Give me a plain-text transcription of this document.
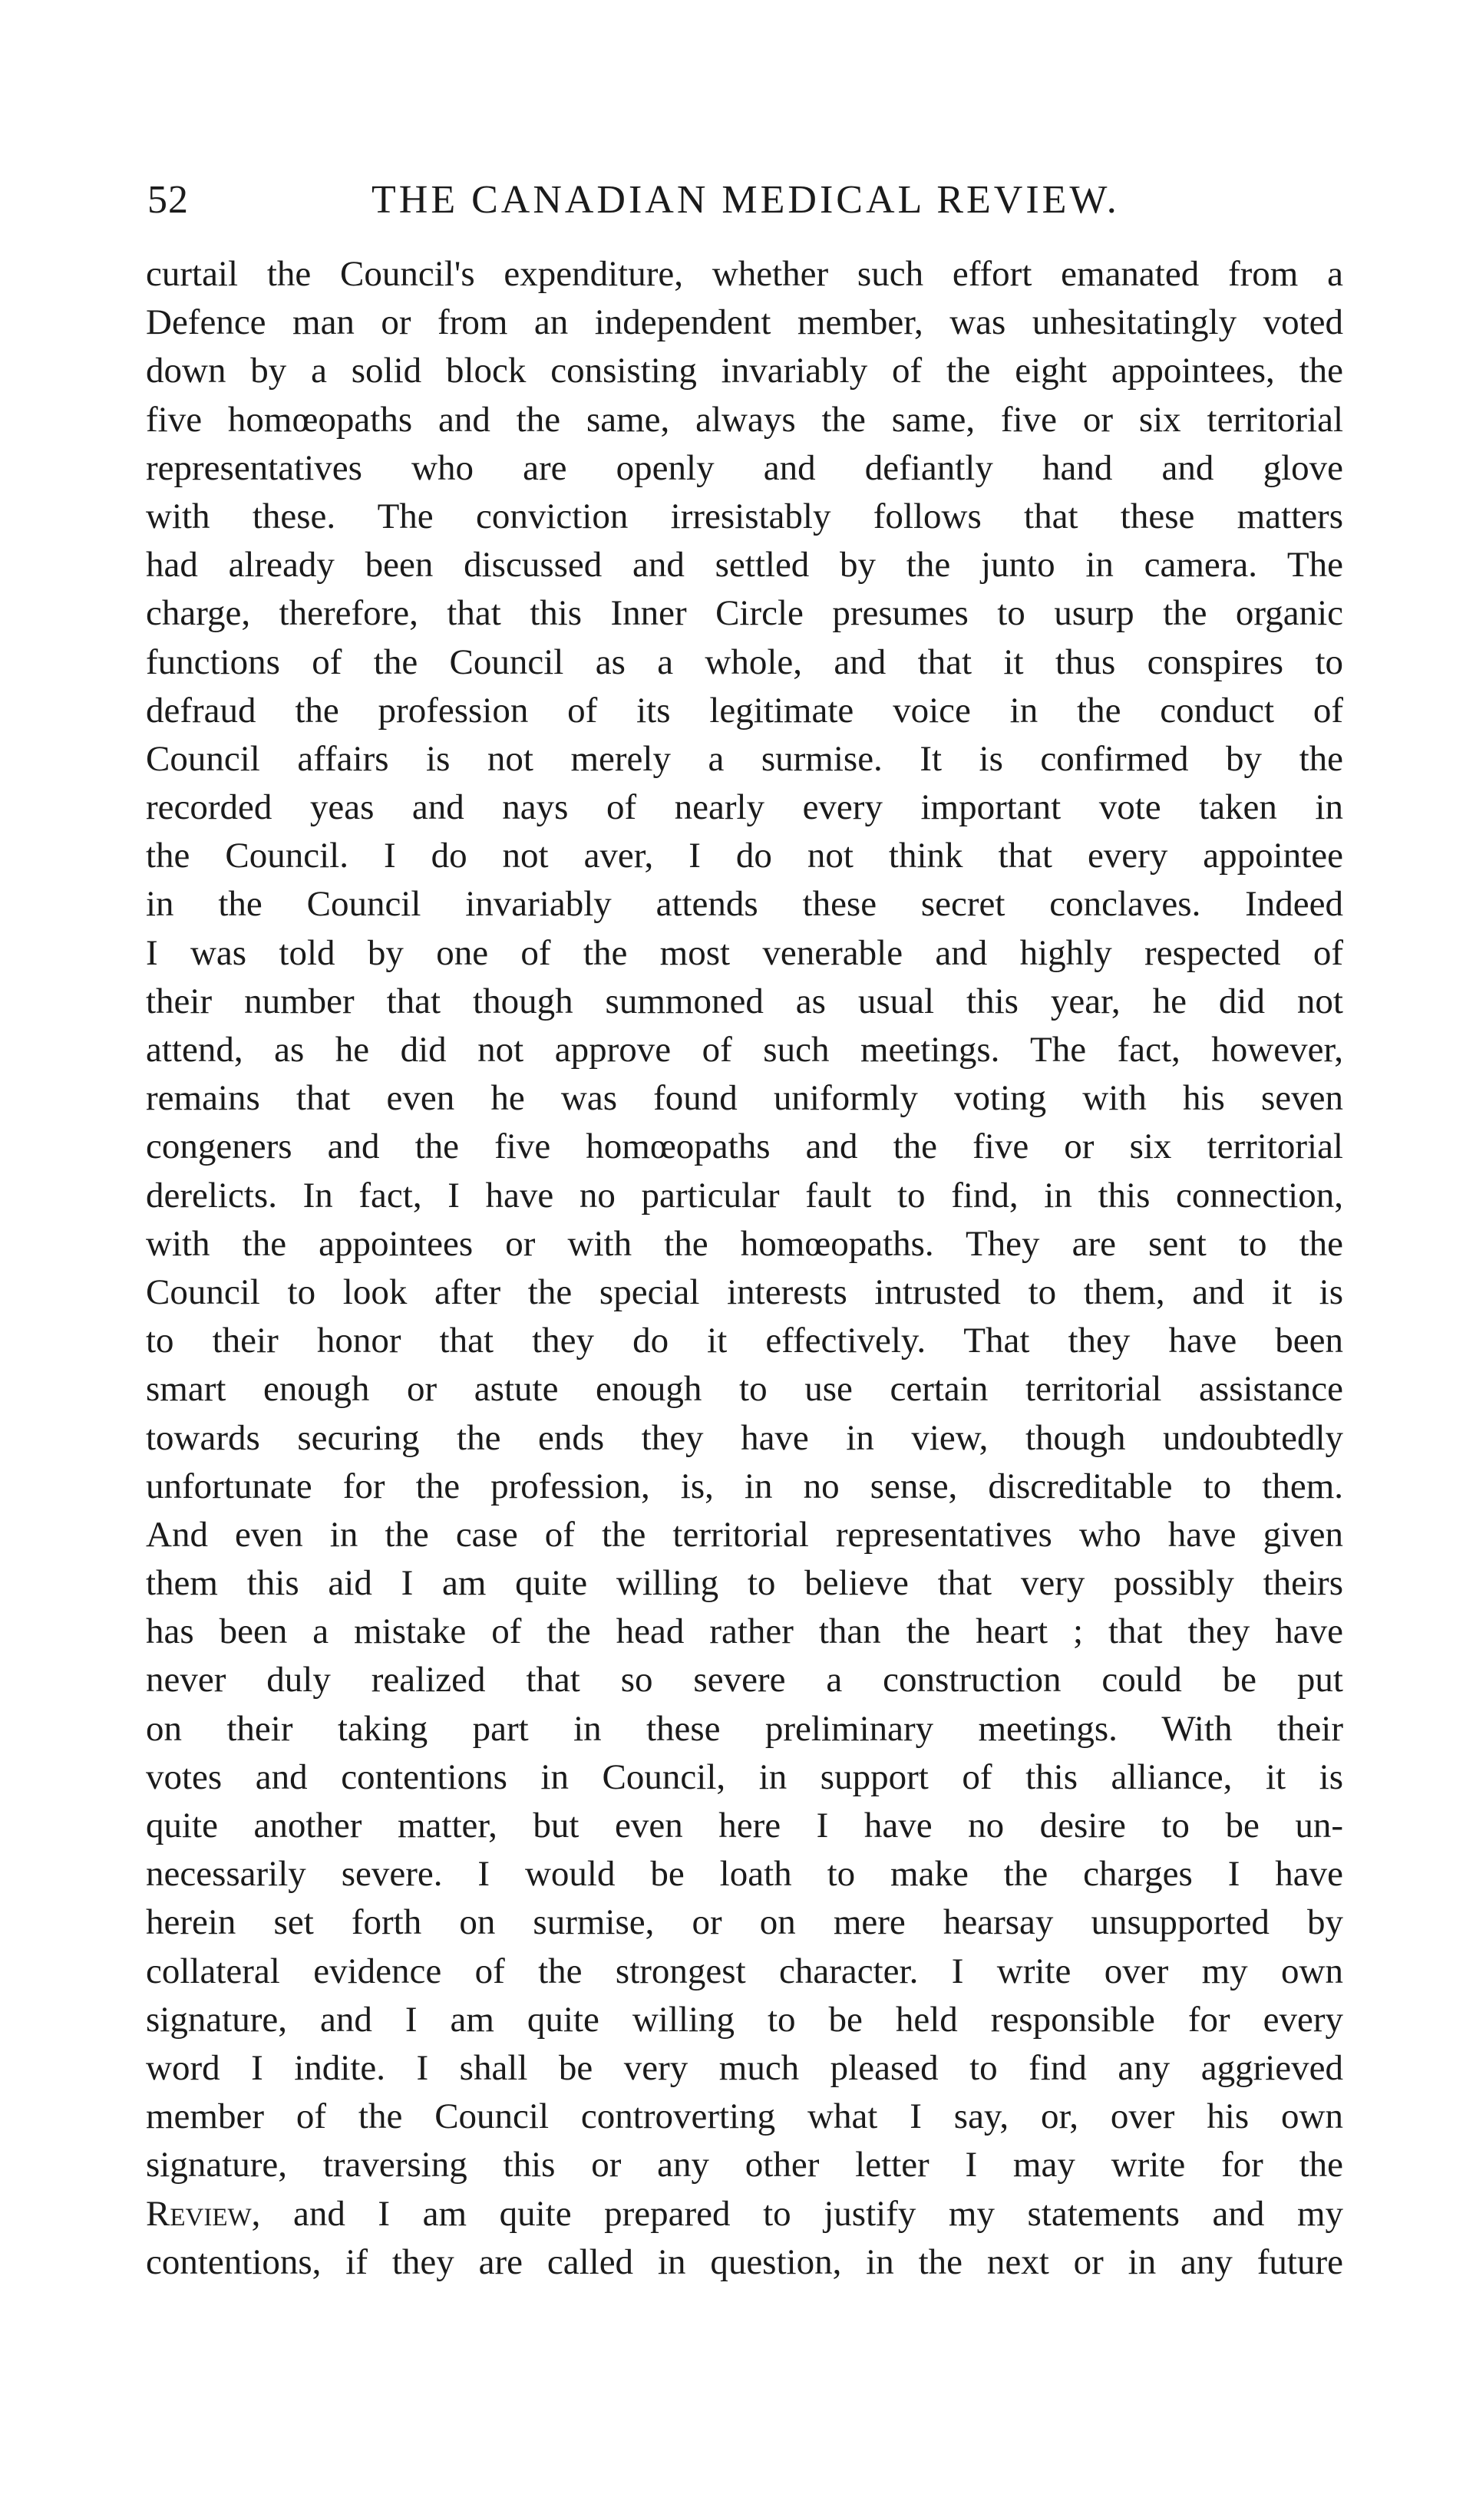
52	THE CANADIAN MEDICAL REVIEW.
curtail the Council's expenditure, whether such effort emanated from a
Defence man or from an independent member, was unhesitatingly voted
down by a solid block consisting invariably of the eight appointees, the
five homœopaths and the same, always the same, five or six territorial
representatives who are openly and defiantly hand and glove
with these. The conviction irresistably follows that these matters
had already been discussed and settled by the junto in camera. The
charge, therefore, that this Inner Circle presumes to usurp the organic
functions of the Council as a whole, and that it thus conspires to
defraud the profession of its legitimate voice in the conduct of
Council affairs is not merely a surmise. It is confirmed by the
recorded yeas and nays of nearly every important vote taken in
the Council. I do not aver, I do not think that every appointee
in the Council invariably attends these secret conclaves. Indeed
I was told by one of the most venerable and highly respected of
their number that though summoned as usual this year, he did not
attend, as he did not approve of such meetings. The fact, however,
remains that even he was found uniformly voting with his seven
congeners and the five homœopaths and the five or six territorial
derelicts. In fact, I have no particular fault to find, in this connection,
with the appointees or with the homœopaths. They are sent to the
Council to look after the special interests intrusted to them, and it is
to their honor that they do it effectively. That they have been
smart enough or astute enough to use certain territorial assistance
towards securing the ends they have in view, though undoubtedly
unfortunate for the profession, is, in no sense, discreditable to them.
And even in the case of the territorial representatives who have given
them this aid I am quite willing to believe that very possibly theirs
has been a mistake of the head rather than the heart ; that they have
never duly realized that so severe a construction could be put
on their taking part in these preliminary meetings. With their
votes and contentions in Council, in support of this alliance, it is
quite another matter, but even here I have no desire to be un-
necessarily severe. I would be loath to make the charges I have
herein set forth on surmise, or on mere hearsay unsupported by
collateral evidence of the strongest character. I write over my own
signature, and I am quite willing to be held responsible for every
word I indite. I shall be very much pleased to find any aggrieved
member of the Council controverting what I say, or, over his own
signature, traversing this or any other letter I may write for the
Review, and I am quite prepared to justify my statements and my
contentions, if they are called in question, in the next or in any future
